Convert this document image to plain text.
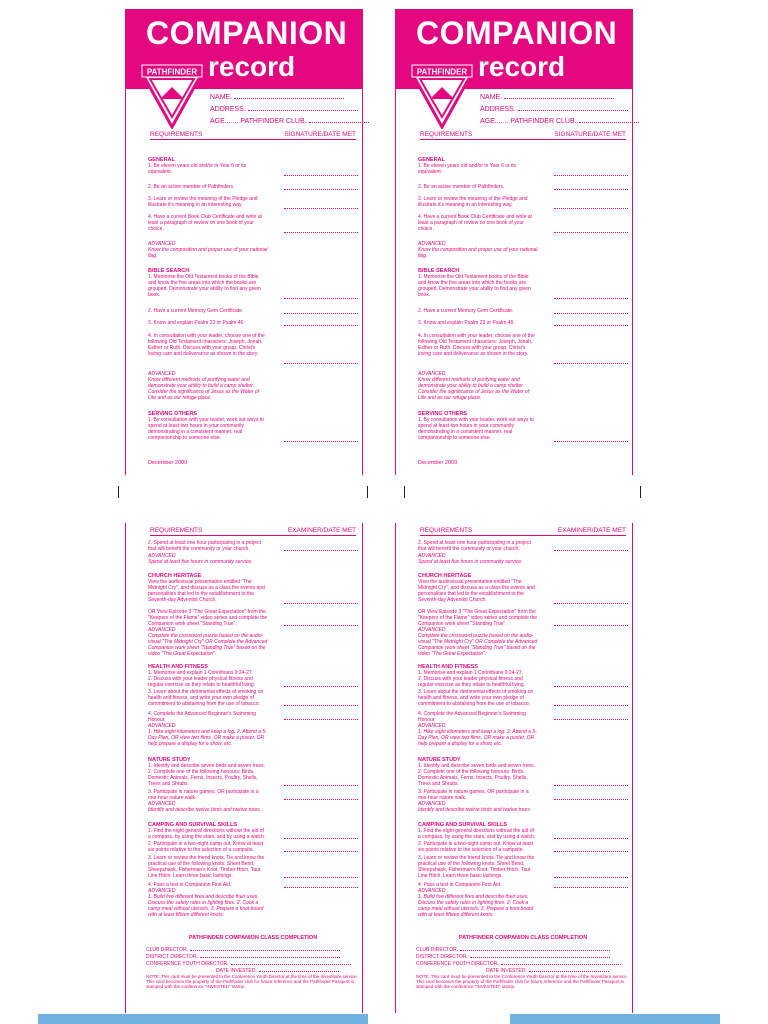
COMPANION
record
PATHFINDER
NAME.
ADDRESS.
AGE....... PATHFINDER CLUB.
REQUIREMENTS	SIGNATURE/DATE MET
GENERAL
1. Be eleven years old and/or in Year 6 or its equivalent.
2. Be an active member of Pathfinders.
3. Learn or review the meaning of the Pledge and illustrate it's meaning in an interesting way.
4. Have a current Book Club Certificate and write at least a paragraph of review on one book of your choice.
ADVANCED
Know the composition and proper use of your national flag.
BIBLE SEARCH
1. Memorise the Old Testament books of the Bible and know the five areas into which the books are grouped. Demonstrate your ability to find any given book.
2. Have a current Memory Gem Certificate.
3. Know and explain Psalm 23 or Psalm 46.
4. In consultation with your leader, choose one of the following Old Testament characters: Joseph, Jonah, Esther or Ruth. Discuss with your group, Christ's loving care and deliverance as shown in the story.
ADVANCED
Know different methods of purifying water and demonstrate your ability to build a camp shelter. Consider the significance of Jesus as the Water of Life and as our refuge place.
SERVING OTHERS
1. By consultation with your leader, work out ways to spend at least two hours in your community demonstrating in a consistent manner, real companionship to someone else.
December 2009
COMPANION
record
PATHFINDER
NAME.
ADDRESS.
AGE....... PATHFINDER CLUB.
REQUIREMENTS	SIGNATURE/DATE MET
GENERAL
1. Be eleven years old and/or in Year 6 or its equivalent.
2. Be an active member of Pathfinders.
3. Learn or review the meaning of the Pledge and illustrate it's meaning in an interesting way.
4. Have a current Book Club Certificate and write at least a paragraph of review on one book of your choice.
ADVANCED
Know the composition and proper use of your national flag.
BIBLE SEARCH
1. Memorise the Old Testament books of the Bible and know the five areas into which the books are grouped. Demonstrate your ability to find any given book.
2. Have a current Memory Gem Certificate.
3. Know and explain Psalm 23 or Psalm 46.
4. In consultation with your leader, choose one of the following Old Testament characters: Joseph, Jonah, Esther or Ruth. Discuss with your group, Christ's loving care and deliverance as shown in the story.
ADVANCED
Know different methods of purifying water and demonstrate your ability to build a camp shelter. Consider the significance of Jesus as the Water of Life and as our refuge place.
SERVING OTHERS
1. By consultation with your leader, work out ways to spend at least two hours in your community demonstrating in a consistent manner, real companionship to someone else.
December 2009
REQUIREMENTS	EXAMINER/DATE MET
2. Spend at least one hour participating in a project that will benefit the community or your church.
ADVANCED
Spend at least five hours in community service.
CHURCH HERITAGE
View the audiovisual presentation entitled "The Midnight Cry", and discuss as a class the events and personalities that led to the establishment to the Seventh-day Adventist Church.
OR View Episode 3 "The Great Expectation" from the "Keepers of the Flame" video series and complete the Companion work sheet "Standing True".
ADVANCED
Complete the crossword puzzle based on the audio-visual "The Midnight Cry" OR Complete the Advanced Companion work sheet "Standing True" based on the video "The Great Expectation".
HEALTH AND FITNESS
1. Memorise and explain 1 Corinthians 9:24-27.
2. Discuss with your leader physical fitness and regular exercise as they relate to healthful living.
3. Learn about the detrimental effects of smoking on health and fitness, and write your own pledge of commitment to abstaining from the use of tobacco.
4. Complete the Advanced Beginner's Swimming Honour.
ADVANCED
1. Hike eight kilometers and keep a log. 2. Attend a 5-Day Plan, OR view two films, OR make a poster, OR help prepare a display for a show, etc.
NATURE STUDY
1. Identify and describe seven birds and seven trees.
2. Complete one of the following honours: Birds, Domestic Animals, Ferns, Insects, Poultry, Shells, Trees and Shrubs.
3. Participate in nature games, OR participate in a one-hour nature walk.
ADVANCED
Identify and describe twelve birds and twelve trees.
CAMPING AND SURVIVAL SKILLS
1. Find the eight general directions without the aid of a compass, by using the stars, and by using a watch.
2. Participate in a two-night camp out. Know at least six points relative to the selection of a campsite.
3. Learn or review the friend knots. Tie and know the practical use of the following knots: Sheet Bend, Sheepshank, Fisherman's Knot, Timber Hitch, Taut Line Hitch. Learn three basic lashings.
4. Pass a test in Companion First Aid.
ADVANCED
1. Build five different fires and describe their uses. Discuss the safety rules in lighting fires. 2. Cook a camp meal without utensils. 3. Prepare a knot board with at least fifteen different knots.
PATHFINDER COMPANION CLASS COMPLETION
CLUB DIRECTOR.
DISTRICT DIRECTOR.
CONFERENCE YOUTH DIRECTOR.
DATE INVESTED.
NOTE: This card must be presented to the Conference Youth Director at the time of the Investiture service. This card becomes the property of the Pathfinder club for future reference and the Pathfinder Passport is stamped with the conference "INVESTED" stamp.
REQUIREMENTS	EXAMINER/DATE MET
2. Spend at least one hour participating in a project that will benefit the community or your church.
ADVANCED
Spend at least five hours in community service.
CHURCH HERITAGE
View the audiovisual presentation entitled "The Midnight Cry", and discuss as a class the events and personalities that led to the establishment to the Seventh-day Adventist Church.
OR View Episode 3 "The Great Expectation" from the "Keepers of the Flame" video series and complete the Companion work sheet "Standing True".
ADVANCED
Complete the crossword puzzle based on the audio-visual "The Midnight Cry" OR Complete the Advanced Companion work sheet "Standing True" based on the video "The Great Expectation".
HEALTH AND FITNESS
1. Memorise and explain 1 Corinthians 9:24-27.
2. Discuss with your leader physical fitness and regular exercise as they relate to healthful living.
3. Learn about the detrimental effects of smoking on health and fitness, and write your own pledge of commitment to abstaining from the use of tobacco.
4. Complete the Advanced Beginner's Swimming Honour.
ADVANCED
1. Hike eight kilometers and keep a log. 2. Attend a 5-Day Plan, OR view two films, OR make a poster, OR help prepare a display for a show, etc.
NATURE STUDY
1. Identify and describe seven birds and seven trees.
2. Complete one of the following honours: Birds, Domestic Animals, Ferns, Insects, Poultry, Shells, Trees and Shrubs.
3. Participate in nature games, OR participate in a one-hour nature walk.
ADVANCED
Identify and describe twelve birds and twelve trees.
CAMPING AND SURVIVAL SKILLS
1. Find the eight general directions without the aid of a compass, by using the stars, and by using a watch.
2. Participate in a two-night camp out. Know at least six points relative to the selection of a campsite.
3. Learn or review the friend knots. Tie and know the practical use of the following knots: Sheet Bend, Sheepshank, Fisherman's Knot, Timber Hitch, Taut Line Hitch. Learn three basic lashings.
4. Pass a test in Companion First Aid.
ADVANCED
1. Build five different fires and describe their uses. Discuss the safety rules in lighting fires. 2. Cook a camp meal without utensils. 3. Prepare a knot board with at least fifteen different knots.
PATHFINDER COMPANION CLASS COMPLETION
CLUB DIRECTOR.
DISTRICT DIRECTOR.
CONFERENCE YOUTH DIRECTOR.
DATE INVESTED.
NOTE: This card must be presented to the Conference Youth Director at the time of the Investiture service. This card becomes the property of the Pathfinder club for future reference and the Pathfinder Passport is stamped with the conference "INVESTED" stamp.
